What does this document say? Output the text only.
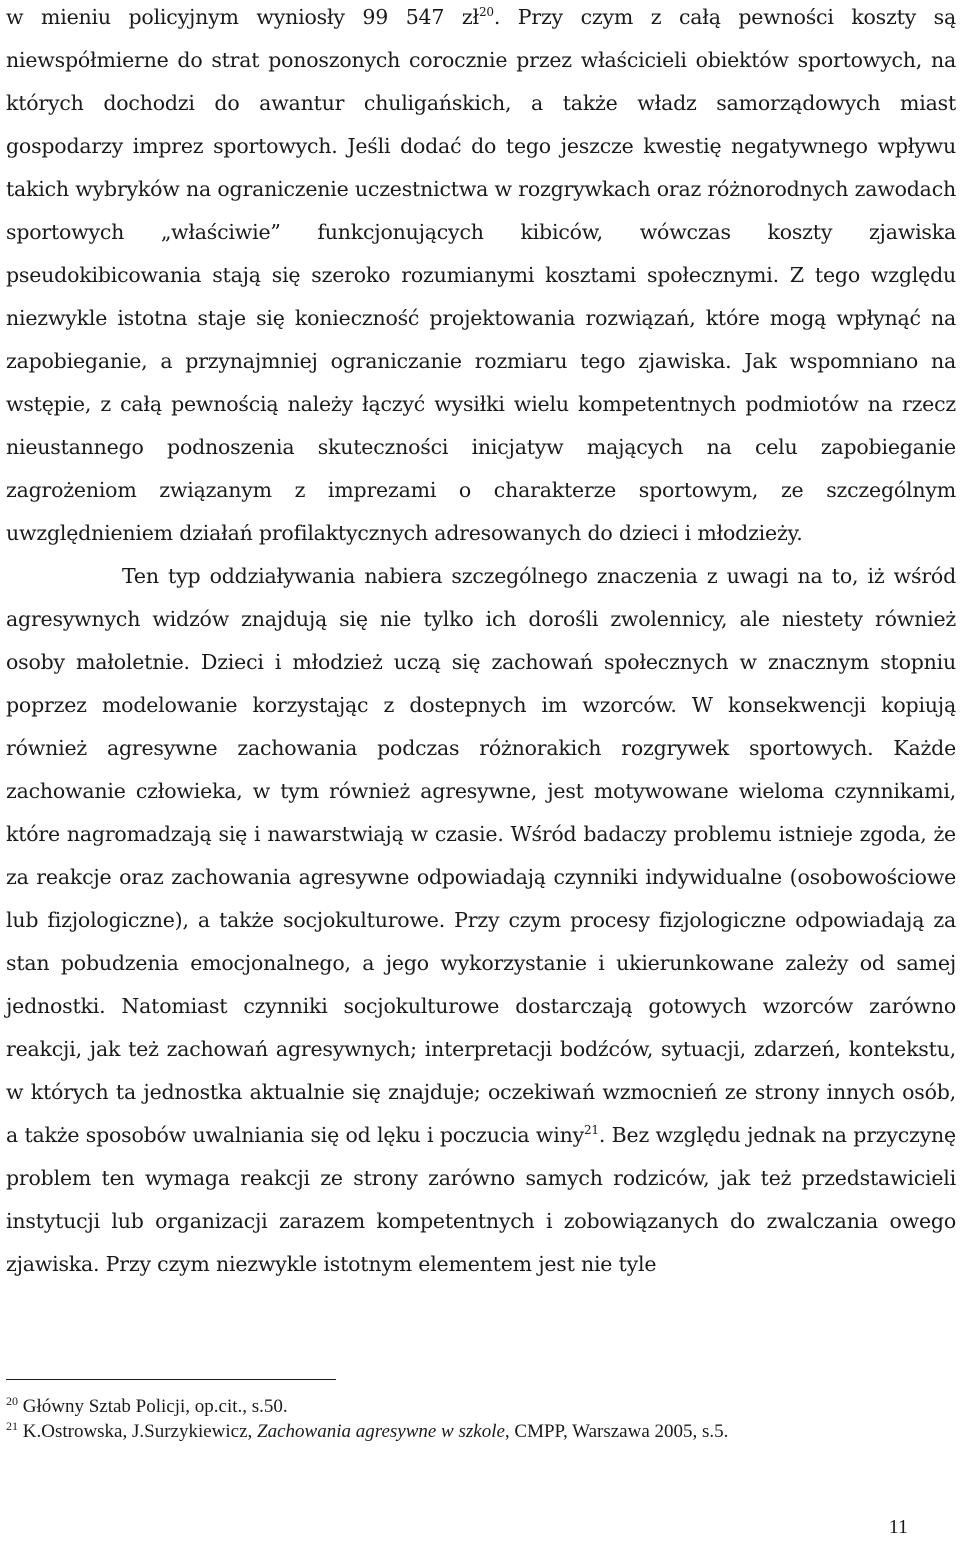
w mieniu policyjnym wyniosły 99 547 zł$^{20}$. Przy czym z całą pewności koszty są niewspółmierne do strat ponoszonych corocznie przez właścicieli obiektów sportowych, na których dochodzi do awantur chuligańskich, a także władz samorządowych miast gospodarzy imprez sportowych. Jeśli dodać do tego jeszcze kwestię negatywnego wpływu takich wybryków na ograniczenie uczestnictwa w rozgrywkach oraz różnorodnych zawodach sportowych „właściwie” funkcjonujących kibiców, wówczas koszty zjawiska pseudokibicowania stają się szeroko rozumianymi kosztami społecznymi. Z tego względu niezwykle istotna staje się konieczność projektowania rozwiązań, które mogą wpłynąć na zapobieganie, a przynajmniej ograniczanie rozmiaru tego zjawiska. Jak wspomniano na wstępie, z całą pewnością należy łączyć wysiłki wielu kompetentnych podmiotów na rzecz nieustannego podnoszenia skuteczności inicjatyw mających na celu zapobieganie zagrożeniom związanym z imprezami o charakterze sportowym, ze szczególnym uwzględnieniem działań profilaktycznych adresowanych do dzieci i młodzieży.

Ten typ oddziaływania nabiera szczególnego znaczenia z uwagi na to, iż wśród agresywnych widzów znajdują się nie tylko ich dorośli zwolennicy, ale niestety również osoby małoletnie. Dzieci i młodzież uczą się zachowań społecznych w znacznym stopniu poprzez modelowanie korzystając z dostepnych im wzorców. W konsekwencji kopiują również agresywne zachowania podczas różnorakich rozgrywek sportowych. Każde zachowanie człowieka, w tym również agresywne, jest motywowane wieloma czynnikami, które nagromadzają się i nawarstwiają w czasie. Wśród badaczy problemu istnieje zgoda, że za reakcje oraz zachowania agresywne odpowiadają czynniki indywidualne (osobowościowe lub fizjologiczne), a także socjokulturowe. Przy czym procesy fizjologiczne odpowiadają za stan pobudzenia emocjonalnego, a jego wykorzystanie i ukierunkowane zależy od samej jednostki. Natomiast czynniki socjokulturowe dostarczają gotowych wzorców zarówno reakcji, jak też zachowań agresywnych; interpretacji bodźców, sytuacji, zdarzeń, kontekstu, w których ta jednostka aktualnie się znajduje; oczekiwań wzmocnień ze strony innych osób, a także sposobów uwalniania się od lęku i poczucia winy$^{21}$. Bez względu jednak na przyczynę problem ten wymaga reakcji ze strony zarówno samych rodziców, jak też przedstawicieli instytucji lub organizacji zarazem kompetentnych i zobowiązanych do zwalczania owego zjawiska. Przy czym niezwykle istotnym elementem jest nie tyle

$^{20}$ Główny Sztab Policji, op.cit., s.50.

$^{21}$ K.Ostrowska, J.Surzykiewicz, Zachowania agresywne w szkole, CMPP, Warszawa 2005, s.5.

11
